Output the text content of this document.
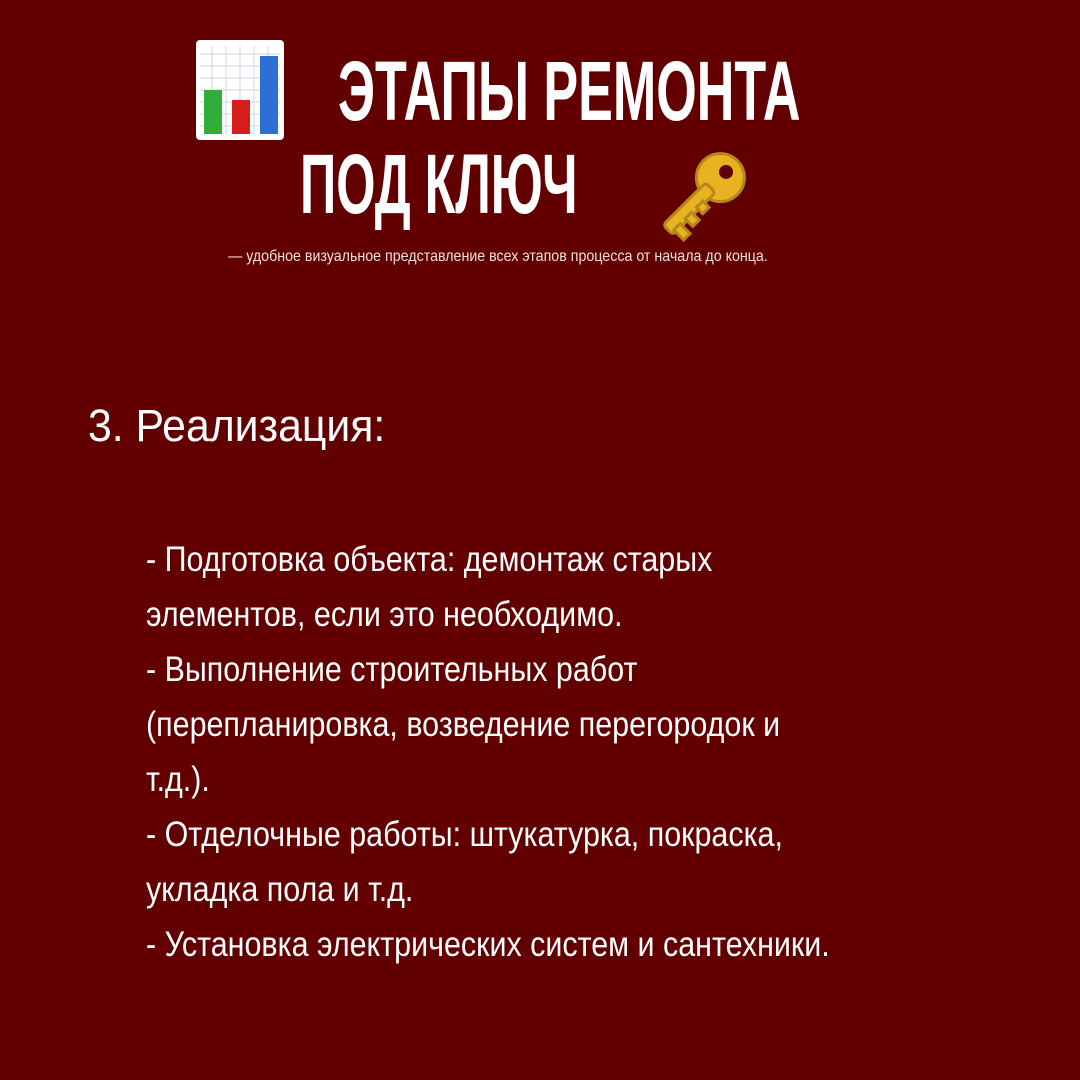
ЭТАПЫ РЕМОНТА
ПОД КЛЮЧ
— удобное визуальное представление всех этапов процесса от начала до конца.
3. Реализация:
- Подготовка объекта: демонтаж старых
элементов, если это необходимо.
- Выполнение строительных работ
(перепланировка, возведение перегородок и
т.д.).
- Отделочные работы: штукатурка, покраска,
укладка пола и т.д.
- Установка электрических систем и сантехники.
